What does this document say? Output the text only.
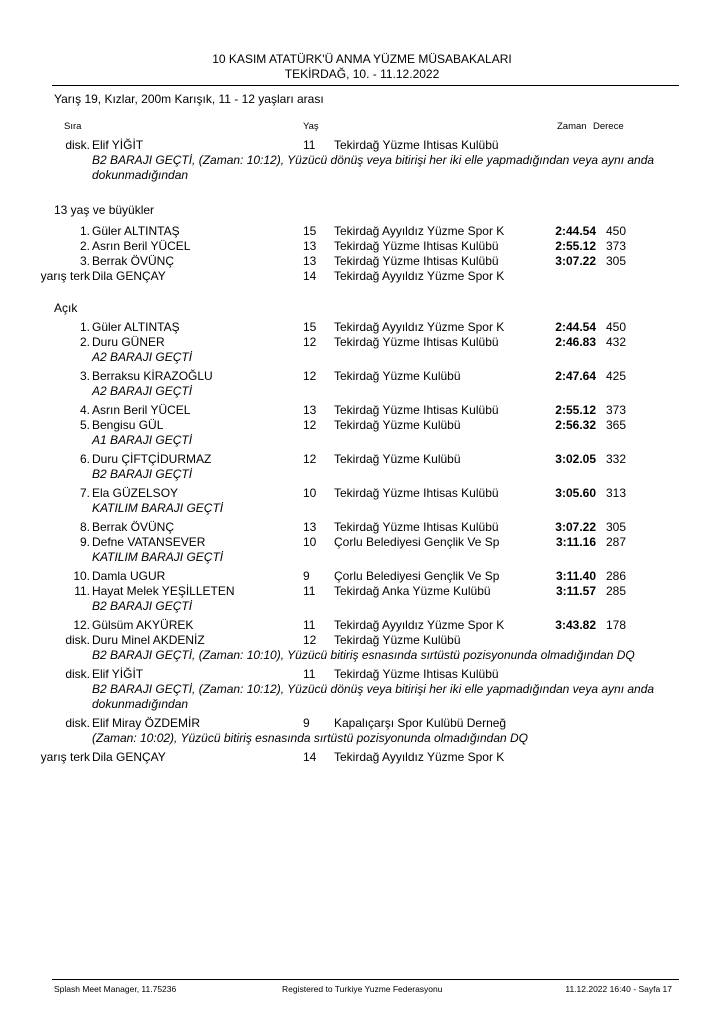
10 KASIM ATATÜRK'Ü ANMA YÜZME MÜSABAKALARI
TEKİRDAĞ, 10. - 11.12.2022
Yarış 19, Kızlar, 200m Karışık, 11 - 12 yaşları arası
Sıra	Yaş	Zaman Derece
disk. Elif YİĞİT	11 Tekirdağ Yüzme Ihtisas Kulübü
B2 BARAJI GEÇTİ, (Zaman: 10:12), Yüzücü dönüş veya bitirişi her iki elle yapmadığından veya aynı anda
dokunmadığından
13 yaş ve büyükler
1. Güler ALTINTAŞ	15 Tekirdağ Ayyıldız Yüzme Spor K	2:44.54 450
2. Asrın Beril YÜCEL	13 Tekirdağ Yüzme Ihtisas Kulübü	2:55.12 373
3. Berrak ÖVÜNÇ	13 Tekirdağ Yüzme Ihtisas Kulübü	3:07.22 305
yarış terk Dila GENÇAY	14 Tekirdağ Ayyıldız Yüzme Spor K
Açık
1. Güler ALTINTAŞ	15 Tekirdağ Ayyıldız Yüzme Spor K	2:44.54 450
2. Duru GÜNER	12 Tekirdağ Yüzme Ihtisas Kulübü	2:46.83 432
A2 BARAJI GEÇTİ
3. Berraksu KİRAZOĞLU	12 Tekirdağ Yüzme Kulübü	2:47.64 425
A2 BARAJI GEÇTİ
4. Asrın Beril YÜCEL	13 Tekirdağ Yüzme Ihtisas Kulübü	2:55.12 373
5. Bengisu GÜL	12 Tekirdağ Yüzme Kulübü	2:56.32 365
A1 BARAJI GEÇTİ
6. Duru ÇİFTÇİDURMAZ	12 Tekirdağ Yüzme Kulübü	3:02.05 332
B2 BARAJI GEÇTİ
7. Ela GÜZELSOY	10 Tekirdağ Yüzme Ihtisas Kulübü	3:05.60 313
KATILIM BARAJI GEÇTİ
8. Berrak ÖVÜNÇ	13 Tekirdağ Yüzme Ihtisas Kulübü	3:07.22 305
9. Defne VATANSEVER	10 Çorlu Belediyesi Gençlik Ve Sp	3:11.16 287
KATILIM BARAJI GEÇTİ
10. Damla UGUR	9 Çorlu Belediyesi Gençlik Ve Sp	3:11.40 286
11. Hayat Melek YEŞİLLETEN	11 Tekirdağ Anka Yüzme Kulübü	3:11.57 285
B2 BARAJI GEÇTİ
12. Gülsüm AKYÜREK	11 Tekirdağ Ayyıldız Yüzme Spor K	3:43.82 178
disk. Duru Minel AKDENİZ	12 Tekirdağ Yüzme Kulübü
B2 BARAJI GEÇTİ, (Zaman: 10:10), Yüzücü bitiriş esnasında sırtüstü pozisyonunda olmadığından DQ
disk. Elif YİĞİT	11 Tekirdağ Yüzme Ihtisas Kulübü
B2 BARAJI GEÇTİ, (Zaman: 10:12), Yüzücü dönüş veya bitirişi her iki elle yapmadığından veya aynı anda
dokunmadığından
disk. Elif Miray ÖZDEMİR	9 Kapalıçarşı Spor Kulübü Derneğ
(Zaman: 10:02), Yüzücü bitiriş esnasında sırtüstü pozisyonunda olmadığından DQ
yarış terk Dila GENÇAY	14 Tekirdağ Ayyıldız Yüzme Spor K
Splash Meet Manager, 11.75236	Registered to Turkiye Yuzme Federasyonu	11.12.2022 16:40 - Sayfa 17
